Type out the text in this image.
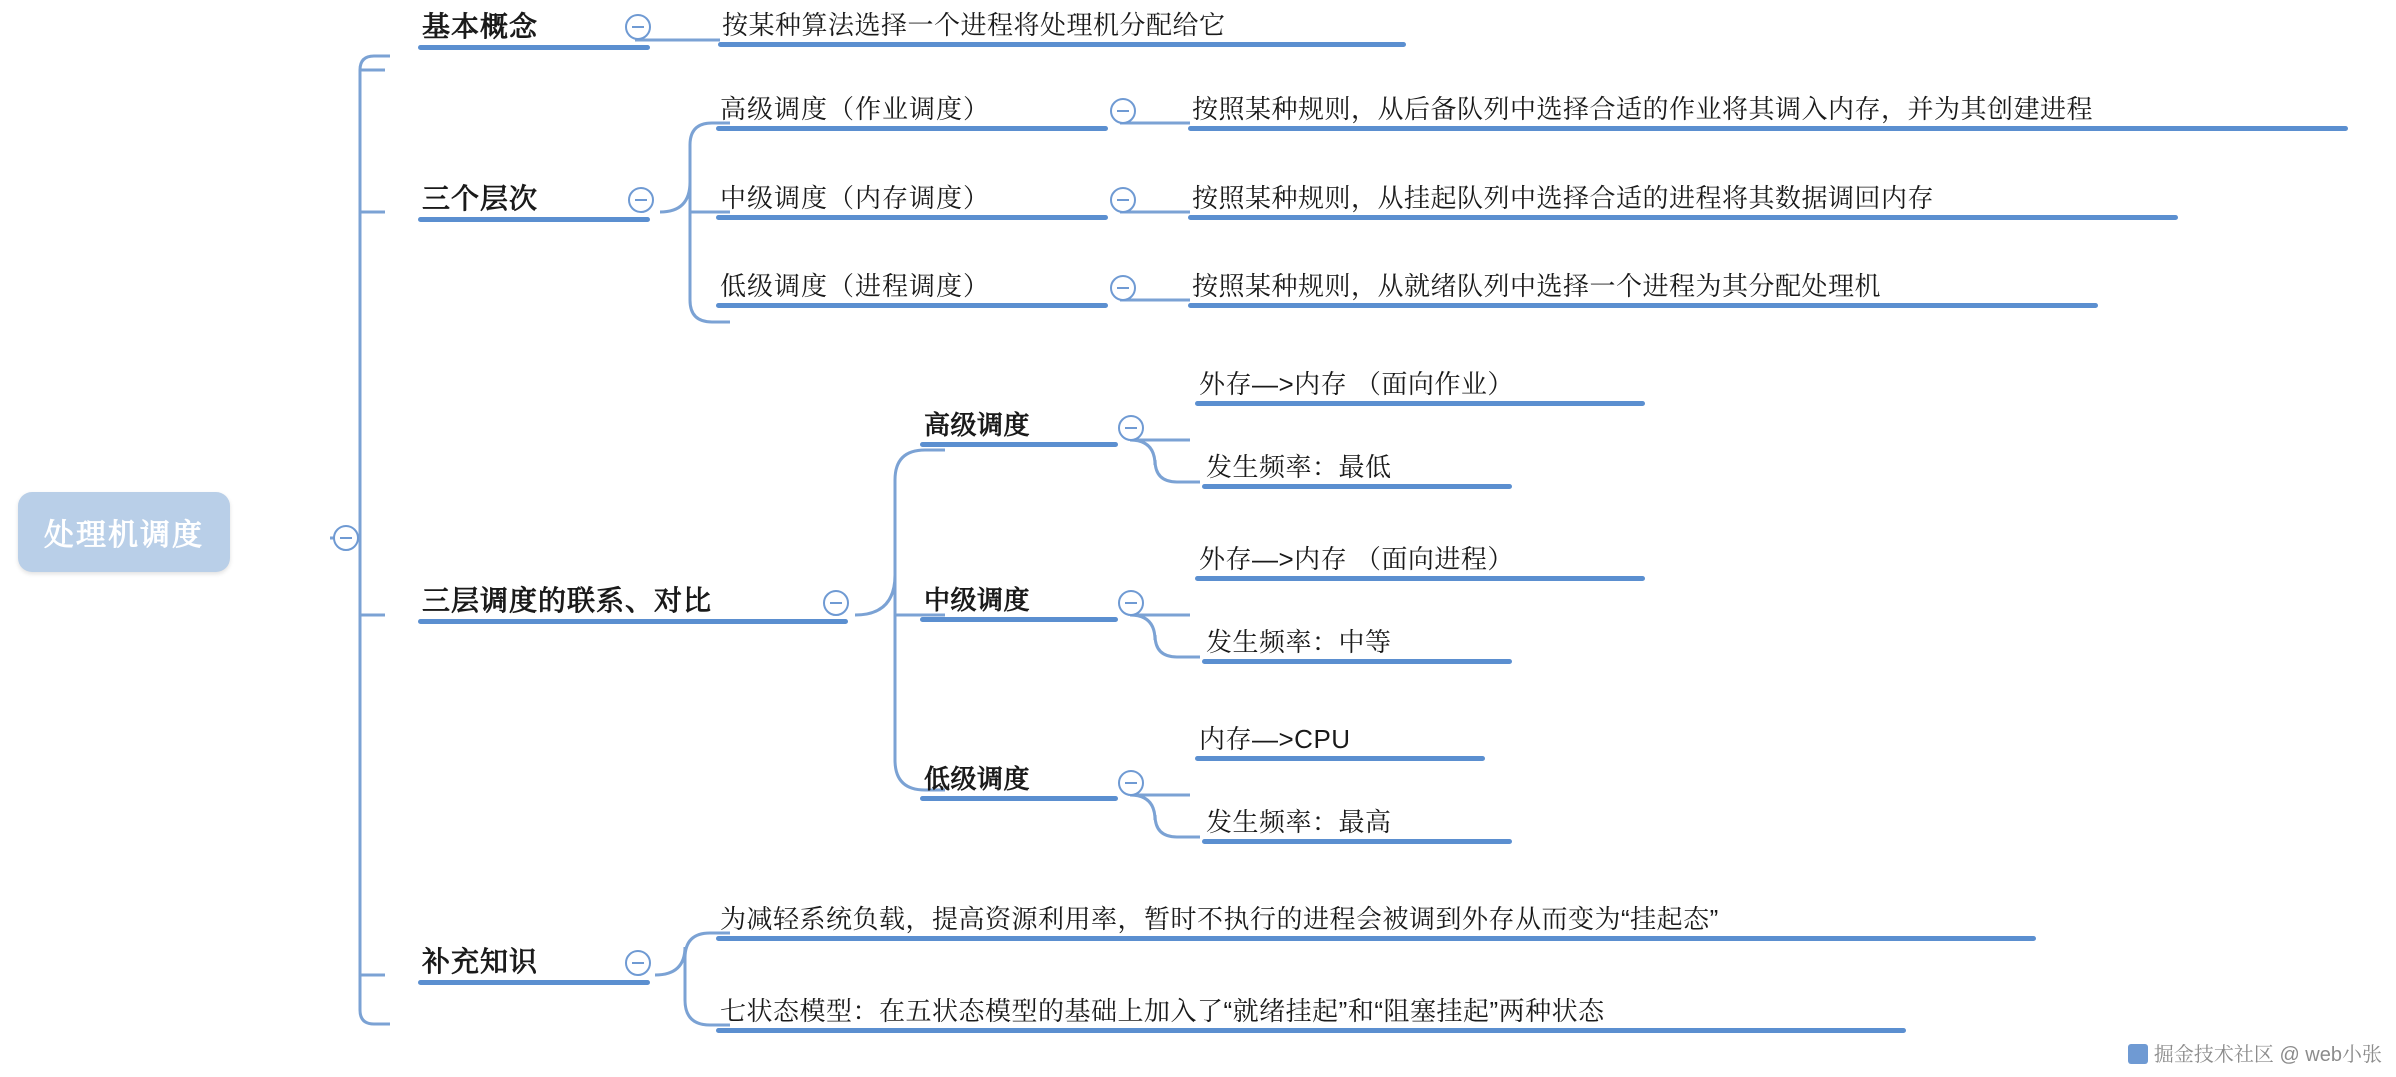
处理机调度
基本概念	按某种算法选择一个进程将处理机分配给它
三个层次
高级调度（作业调度）	按照某种规则，从后备队列中选择合适的作业将其调入内存，并为其创建进程
中级调度（内存调度）	按照某种规则，从挂起队列中选择合适的进程将其数据调回内存
低级调度（进程调度）	按照某种规则，从就绪队列中选择一个进程为其分配处理机
三层调度的联系、对比
高级调度
外存—>内存 （面向作业）
发生频率：最低
中级调度
外存—>内存 （面向进程）
发生频率：中等
低级调度
内存—>CPU
发生频率：最高
补充知识
为减轻系统负载，提高资源利用率，暂时不执行的进程会被调到外存从而变为“挂起态”
七状态模型：在五状态模型的基础上加入了“就绪挂起”和“阻塞挂起”两种状态
掘金技术社区 @ web小张
